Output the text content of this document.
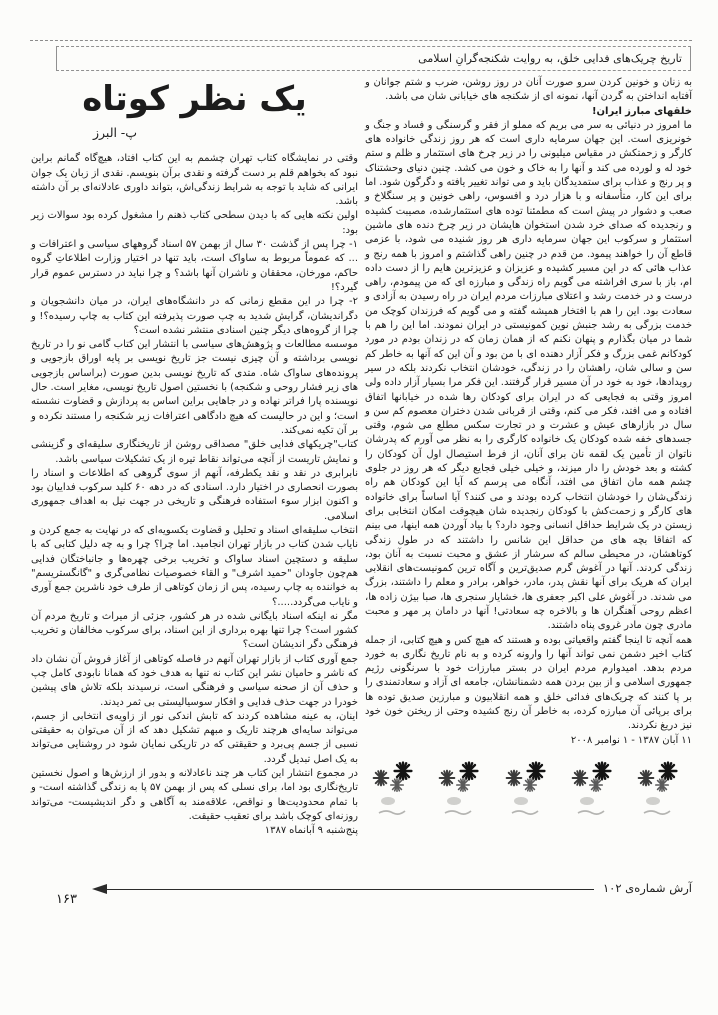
تاریخ چریک‌های فدایی خلق، به روایت شکنجه‌گرانِ اسلامی

به زنان و خونین کردن سرو صورت آنان در روز روشن، ضرب و شتم جوانان و آفتابه انداختن به گردن آنها، نمونه ای از شکنجه های خیابانی شان می باشد.

خلقهای مبارز ایران!

ما امروز در دنیائی به سر می بریم که مملو از فقر و گرسنگی و فساد و جنگ و خونریزی است. این جهان سرمایه داری است که هر روز زندگی خانواده های کارگر و زحمتکش در مقیاس میلیونی را در زیر چرخ های استثمار و ظلم و ستم خود له و لورده می کند و آنها را به خاک و خون می کشد. چنین دنیای وحشتناک و پر رنج و عذاب برای ستمدیدگان باید و می تواند تغییر یافته و دگرگون شود. اما برای این کار، متأسفانه و با هزار درد و افسوس، راهی خونین و پر سنگلاخ و صعب و دشوار در پیش است که مطمئنا توده های استثمارشده، مصیبت کشیده و رنجدیده که صدای خرد شدن استخوان هایشان در زیر چرخ دنده های ماشین استثمار و سرکوب این جهان سرمایه داری هر روز شنیده می شود، با عزمی قاطع آن را خواهند پیمود. من قدم در چنین راهی گذاشتم و امروز با همه رنج و عذاب هائی که در این مسیر کشیده و عزیزان و عزیزترین هایم را از دست داده ام، باز با سری افراشته می گویم راه زندگی و مبارزه ای که من پیمودم، راهی درست و در خدمت رشد و اعتلای مبارزات مردم ایران در راه رسیدن به آزادی و سعادت بود. این را هم با افتخار همیشه گفته و می گویم که فرزندان کوچک من خدمت بزرگی به رشد جنبش نوین کمونیستی در ایران نمودند. اما این را هم با شما در میان بگذارم و پنهان نکنم که از همان زمان که در زندان بودم در مورد کودکانم غمی بزرگ و فکر آزار دهنده ای با من بود و آن این که آنها به خاطر کم سن و سالی شان، راهشان را در زندگی، خودشان انتخاب نکردند بلکه در سیر رویدادها، خود به خود در آن مسیر قرار گرفتند. این فکر مرا بسیار آزار داده ولی امروز وقتی به فجایعی که در ایران برای کودکان رها شده در خیابانها اتفاق افتاده و می افتد، فکر می کنم، وقتی از قربانی شدن دختران معصوم کم سن و سال در بازارهای عیش و عشرت و در تجارت سکس مطلع می شوم، وقتی جسدهای خفه شده کودکان یک خانواده کارگری را به نظر می آورم که پدرشان ناتوان از تأمین یک لقمه نان برای آنان، از فرط استیصال اول آن کودکان را کشته و بعد خودش را دار میزند، و خیلی خیلی فجایع دیگر که هر روز در جلوی چشم همه مان اتفاق می افتد، آنگاه می پرسم که آیا این کودکان هم راه زندگی‌شان را خودشان انتخاب کرده بودند و می کنند؟ آیا اساساً برای خانواده های کارگر و زحمت‌کش با کودکان رنجدیده شان هیچوقت امکان انتخابی برای زیستن در یک شرایط حداقل انسانی وجود دارد؟ با بیاد آوردن همه اینها، می بینم که اتفاقا بچه های من حداقل این شانس را داشتند که در طول زندگی کوتاهشان، در محیطی سالم که سرشار از عشق و محبت نسبت به آنان بود، زندگی کردند. آنها در آغوش گرم صدیق‌ترین و آگاه ترین کمونیست‌های انقلابی ایران که هریک برای آنها نقش پدر، مادر، خواهر، برادر و معلم را داشتند، بزرگ می شدند. در آغوش علی اکبر جعفری ها، خشایار سنجری ها، صبا بیژن زاده ها، اعظم روحی آهنگران ها و بالاخره چه سعادتی! آنها در دامان پر مهر و محبت مادری چون مادر غروی پناه داشتند.

همه آنچه تا اینجا گفتم واقعیاتی بوده و هستند که هیچ کس و هیچ کتابی، از جمله کتاب اخیر دشمن نمی تواند آنها را وارونه کرده و به نام تاریخ نگاری به خورد مردم بدهد. امیدوارم مردم ایران در بستر مبارزات خود با سرنگونی رژیم جمهوری اسلامی و از بین بردن همه دشمنانشان، جامعه ای آزاد و سعادتمندی را بر پا کنند که چریک‌های فدائی خلق و همه انقلابیون و مبارزین صدیق توده ها برای برپائی آن مبارزه کرده، به خاطر آن رنج کشیده وحتی از ریختن خون خود نیز دریغ نکردند.

۱۱ آبان ۱۳۸۷ - ۱ نوامبر ۲۰۰۸

یک نظر کوتاه
پ- البرز

وقتی در نمایشگاه کتاب تهران چشمم به این کتاب افتاد، هیچ‌گاه گمانم براین نبود که بخواهم قلم بر دست گرفته و نقدی برآن بنویسم. نقدی از زبان یک جوان ایرانی که شاید با توجه به شرایط زندگی‌اش، بتواند داوری عادلانه‌ای بر آن داشته باشد.

اولین نکته هایی که با دیدن سطحی کتاب ذهنم را مشغول کرده بود سوالات زیر بود:

۱- چرا پس از گذشت ۳۰ سال از بهمن ۵۷ اسناد گروههای سیاسی و اعترافات و ... که عموماً مربوط به ساواک است، باید تنها در اختیار وزارت اطلاعاتِ گروه حاکم، مورخان، محققان و ناشران آنها باشد؟ و چرا نباید در دسترس عموم قرار گیرد؟!

۲- چرا در این مقطع زمانی که در دانشگاه‌های ایران، در میان دانشجویان و دگراندیشان، گرایش شدید به چپ صورت پذیرفته این کتاب به چاپ رسیده؟! و چرا از گروه‌های دیگر چنین اسنادی منتشر نشده است؟

موسسه مطالعات و پژوهش‌های سیاسی با انتشار این کتاب گامی نو را در تاریخ نویسی برداشته و آن چیزی نیست جز تاریخ نویسی بر پایه اوراق بازجویی و پرونده‌های ساواک شاه. متدی که تاریخ نویسی بدین صورت (براساس بازجویی های زیر فشار روحی و شکنجه) با نخستین اصول تاریخ نویسی، مغایر است. حال نویسنده پارا فراتر نهاده و در جاهایی براین اساس به پردازش و قضاوت نشسته است؛ و این در حالیست که هیچ دادگاهی اعترافات زیر شکنجه را مستند نکرده و بر آن تکیه نمی‌کند.

کتاب"چریکهای فدایی خلق" مصداقی روشن از تاریخنگاری سلیقه‌ای و گزینشی و نمایش تاریست از آنچه می‌تواند نقاط تیره از یک تشکیلات سیاسی باشد.

نابرابری در نقد و نقد یکطرفه، آنهم از سوی گروهی که اطلاعات و اسناد را بصورت انحصاری در اختیار دارد. اسنادی که در دهه ۶۰ کلید سرکوب فداییان بود و اکنون ابزار سوء استفاده فرهنگی و تاریخی در جهت نیل به اهداف جمهوری اسلامی.

انتخاب سلیقه‌ای اسناد و تحلیل و قضاوت یکسویه‌ای که در نهایت به جمع کردن و نایاب شدن کتاب در بازار تهران انجامید. اما چرا؟ چرا و به چه دلیل کتابی که با سلیقه و دستچین اسناد ساواک و تخریب برخی چهره‌ها و جانباختگان فدایی هم‌چون جاودان "حمید اشرف" و القاء خصوصیات نظامی‌گری و "گانگستریسم" به خواننده به چاپ رسیده، پس از زمان کوتاهی از طرف خود ناشرین جمع آوری و نایاب می‌گردد.....؟

مگر نه اینکه اسناد بایگانی شده در هر کشور، جزئی از میراث و تاریخ مردم آن کشور است؟ چرا تنها بهره برداری از این اسناد، برای سرکوب مخالفان و تخریب فرهنگی دگر اندیشان است؟

جمع آوری کتاب از بازار تهران آنهم در فاصله کوتاهی از آغاز فروش آن نشان داد که ناشر و حامیان نشر این کتاب نه تنها به هدف خود که همانا نابودی کامل چپ و حذف آن از صحنه سیاسی و فرهنگی است، نرسیدند بلکه تلاش های پیشین خودرا در جهت حذف فدایی و افکار سوسیالیستی بی ثمر دیدند.

اینان، به عینه مشاهده کردند که تابش اندکی نور از زاویه‌ی انتخابی از جسم، می‌تواند سایه‌ای هرچند تاریک و مبهم تشکیل دهد که از آن می‌توان به حقیقتی نسبی از جسم پی‌برد و حقیقتی که در تاریکی نمایان شود در روشنایی می‌تواند به یک اصل تبدیل گردد.

در مجموع انتشار این کتاب هر چند ناعادلانه و بدور از ارزش‌ها و اصول نخستین تاریخ‌نگاری بود اما، برای نسلی که پس از بهمن ۵۷ پا به زندگی گذاشته است- و با تمام محدودیت‌ها و نواقص، علاقه‌مند به آگاهی و دگر اندیشیست- می‌تواند روزنه‌ای کوچک باشد برای تعقیب حقیقت.

پنج‌شنبه ۹ آبانماه ۱۳۸۷

آرش شماره‌ی ۱۰۲
۱۶۳
